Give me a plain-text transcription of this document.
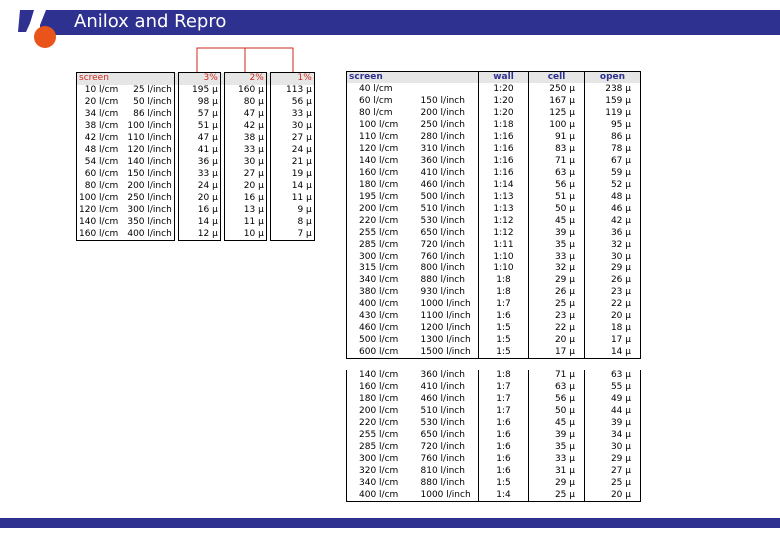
Anilox and Repro
screen			3%		2%		1%
10 l/cm	25 l/inch		195 µ		160 µ		113 µ
20 l/cm	50 l/inch		98 µ		80 µ		56 µ
34 l/cm	86 l/inch		57 µ		47 µ		33 µ
38 l/cm	100 l/inch		51 µ		42 µ		30 µ
42 l/cm	110 l/inch		47 µ		38 µ		27 µ
48 l/cm	120 l/inch		41 µ		33 µ		24 µ
54 l/cm	140 l/inch		36 µ		30 µ		21 µ
60 l/cm	150 l/inch		33 µ		27 µ		19 µ
80 l/cm	200 l/inch		24 µ		20 µ		14 µ
100 l/cm	250 l/inch		20 µ		16 µ		11 µ
120 l/cm	300 l/inch		16 µ		13 µ		9 µ
140 l/cm	350 l/inch		14 µ		11 µ		8 µ
160 l/cm	400 l/inch		12 µ		10 µ		7 µ
screen		wall	cell	open
40 l/cm		1:20	250 µ	238 µ
60 l/cm	150 l/inch	1:20	167 µ	159 µ
80 l/cm	200 l/inch	1:20	125 µ	119 µ
100 l/cm	250 l/inch	1:18	100 µ	95 µ
110 l/cm	280 l/inch	1:16	91 µ	86 µ
120 l/cm	310 l/inch	1:16	83 µ	78 µ
140 l/cm	360 l/inch	1:16	71 µ	67 µ
160 l/cm	410 l/inch	1:16	63 µ	59 µ
180 l/cm	460 l/inch	1:14	56 µ	52 µ
195 l/cm	500 l/inch	1:13	51 µ	48 µ
200 l/cm	510 l/inch	1:13	50 µ	46 µ
220 l/cm	530 l/inch	1:12	45 µ	42 µ
255 l/cm	650 l/inch	1:12	39 µ	36 µ
285 l/cm	720 l/inch	1:11	35 µ	32 µ
300 l/cm	760 l/inch	1:10	33 µ	30 µ
315 l/cm	800 l/inch	1:10	32 µ	29 µ
340 l/cm	880 l/inch	1:8	29 µ	26 µ
380 l/cm	930 l/inch	1:8	26 µ	23 µ
400 l/cm	1000 l/inch	1:7	25 µ	22 µ
430 l/cm	1100 l/inch	1:6	23 µ	20 µ
460 l/cm	1200 l/inch	1:5	22 µ	18 µ
500 l/cm	1300 l/inch	1:5	20 µ	17 µ
600 l/cm	1500 l/inch	1:5	17 µ	14 µ

140 l/cm	360 l/inch	1:8	71 µ	63 µ
160 l/cm	410 l/inch	1:7	63 µ	55 µ
180 l/cm	460 l/inch	1:7	56 µ	49 µ
200 l/cm	510 l/inch	1:7	50 µ	44 µ
220 l/cm	530 l/inch	1:6	45 µ	39 µ
255 l/cm	650 l/inch	1:6	39 µ	34 µ
285 l/cm	720 l/inch	1:6	35 µ	30 µ
300 l/cm	760 l/inch	1:6	33 µ	29 µ
320 l/cm	810 l/inch	1:6	31 µ	27 µ
340 l/cm	880 l/inch	1:5	29 µ	25 µ
400 l/cm	1000 l/inch	1:4	25 µ	20 µ
